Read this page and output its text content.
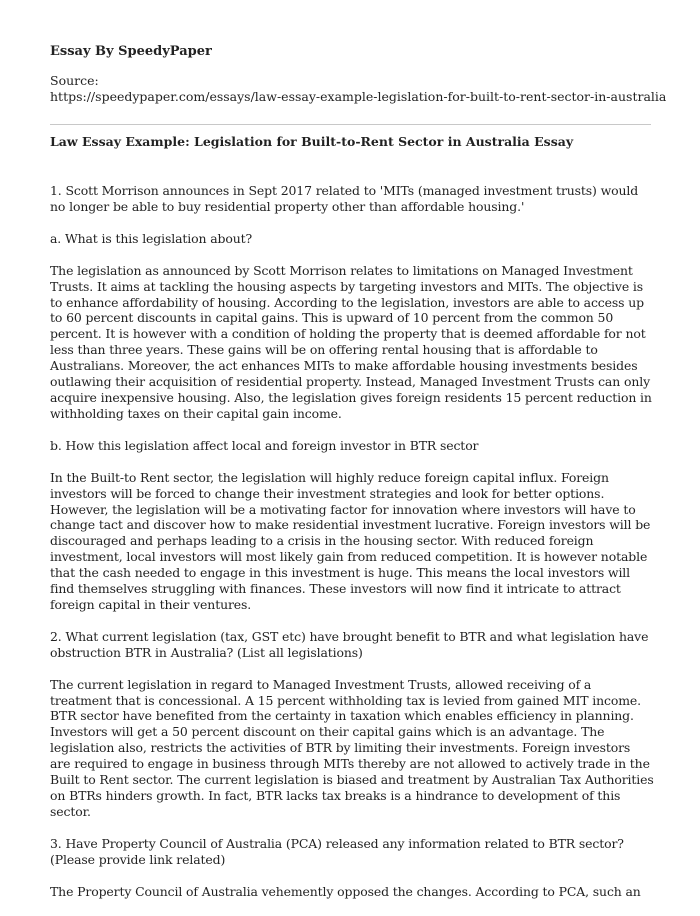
Essay By SpeedyPaper
Source:
https://speedypaper.com/essays/law-essay-example-legislation-for-built-to-rent-sector-in-australia
Law Essay Example: Legislation for Built-to-Rent Sector in Australia Essay

1. Scott Morrison announces in Sept 2017 related to 'MITs (managed investment trusts) would no longer be able to buy residential property other than affordable housing.'

a. What is this legislation about?

The legislation as announced by Scott Morrison relates to limitations on Managed Investment Trusts. It aims at tackling the housing aspects by targeting investors and MITs. The objective is to enhance affordability of housing. According to the legislation, investors are able to access up to 60 percent discounts in capital gains. This is upward of 10 percent from the common 50 percent. It is however with a condition of holding the property that is deemed affordable for not less than three years. These gains will be on offering rental housing that is affordable to Australians. Moreover, the act enhances MITs to make affordable housing investments besides outlawing their acquisition of residential property. Instead, Managed Investment Trusts can only acquire inexpensive housing. Also, the legislation gives foreign residents 15 percent reduction in withholding taxes on their capital gain income.

b. How this legislation affect local and foreign investor in BTR sector

In the Built-to Rent sector, the legislation will highly reduce foreign capital influx. Foreign investors will be forced to change their investment strategies and look for better options. However, the legislation will be a motivating factor for innovation where investors will have to change tact and discover how to make residential investment lucrative. Foreign investors will be discouraged and perhaps leading to a crisis in the housing sector. With reduced foreign investment, local investors will most likely gain from reduced competition. It is however notable that the cash needed to engage in this investment is huge. This means the local investors will find themselves struggling with finances. These investors will now find it intricate to attract foreign capital in their ventures.

2. What current legislation (tax, GST etc) have brought benefit to BTR and what legislation have obstruction BTR in Australia? (List all legislations)

The current legislation in regard to Managed Investment Trusts, allowed receiving of a treatment that is concessional. A 15 percent withholding tax is levied from gained MIT income. BTR sector have benefited from the certainty in taxation which enables efficiency in planning. Investors will get a 50 percent discount on their capital gains which is an advantage. The legislation also, restricts the activities of BTR by limiting their investments. Foreign investors are required to engage in business through MITs thereby are not allowed to actively trade in the Built to Rent sector. The current legislation is biased and treatment by Australian Tax Authorities on BTRs hinders growth. In fact, BTR lacks tax breaks is a hindrance to development of this sector.

3. Have Property Council of Australia (PCA) released any information related to BTR sector? (Please provide link related)

The Property Council of Australia vehemently opposed the changes. According to PCA, such an
